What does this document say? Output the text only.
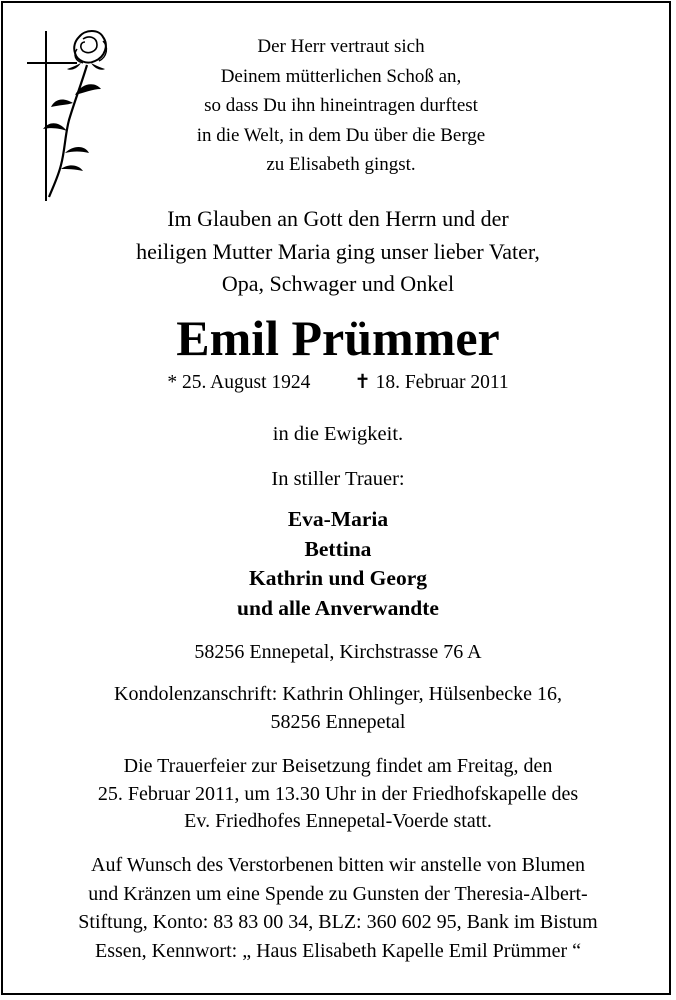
Der Herr vertraut sich
Deinem mütterlichen Schoß an,
so dass Du ihn hineintragen durftest
in die Welt, in dem Du über die Berge
zu Elisabeth gingst.
Im Glauben an Gott den Herrn und der
heiligen Mutter Maria ging unser lieber Vater,
Opa, Schwager und Onkel
Emil Prümmer
* 25. August 1924 ✝ 18. Februar 2011
in die Ewigkeit.
In stiller Trauer:
Eva-Maria
Bettina
Kathrin und Georg
und alle Anverwandte
58256 Ennepetal, Kirchstrasse 76 A
Kondolenzanschrift: Kathrin Ohlinger, Hülsenbecke 16,
58256 Ennepetal
Die Trauerfeier zur Beisetzung findet am Freitag, den
25. Februar 2011, um 13.30 Uhr in der Friedhofskapelle des
Ev. Friedhofes Ennepetal-Voerde statt.
Auf Wunsch des Verstorbenen bitten wir anstelle von Blumen
und Kränzen um eine Spende zu Gunsten der Theresia-Albert-
Stiftung, Konto: 83 83 00 34, BLZ: 360 602 95, Bank im Bistum
Essen, Kennwort: „ Haus Elisabeth Kapelle Emil Prümmer “
